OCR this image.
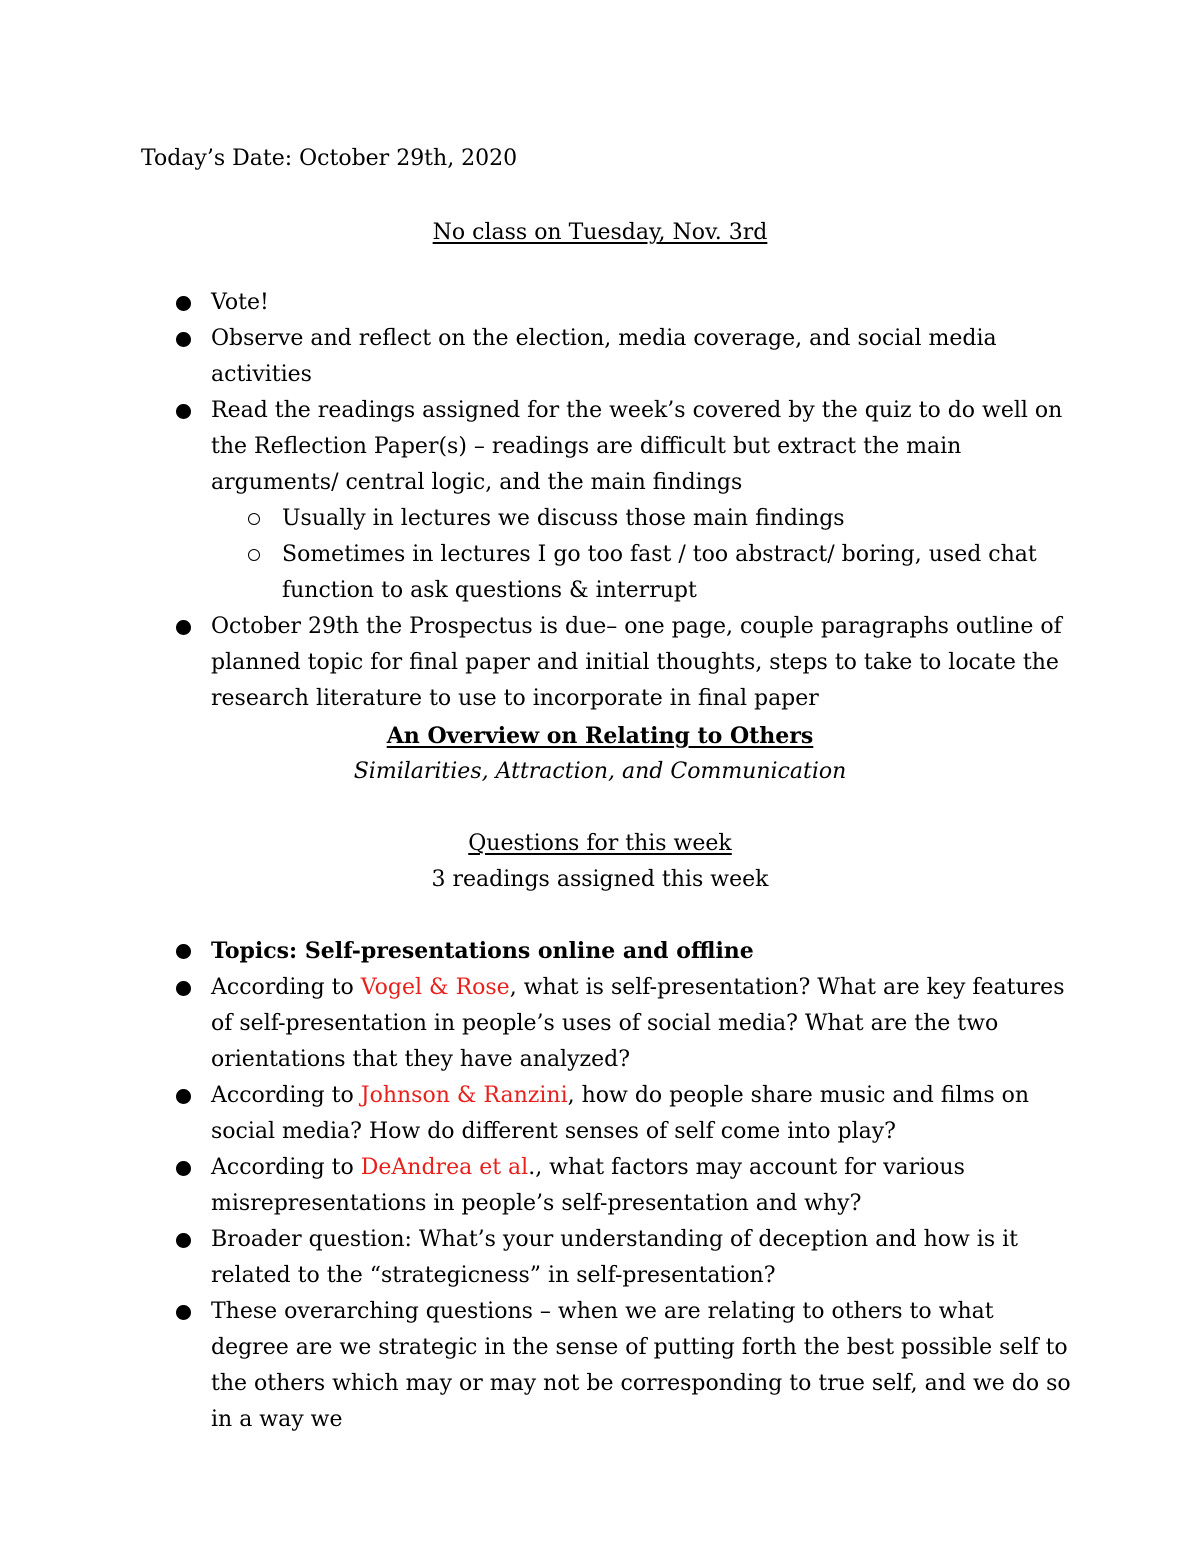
Today’s Date: October 29th, 2020
No class on Tuesday, Nov. 3rd
Vote!
Observe and reflect on the election, media coverage, and social media activities
Read the readings assigned for the week’s covered by the quiz to do well on the Reflection Paper(s) – readings are difficult but extract the main arguments/ central logic, and the main findings
Usually in lectures we discuss those main findings
Sometimes in lectures I go too fast / too abstract/ boring, used chat function to ask questions & interrupt
October 29th the Prospectus is due– one page, couple paragraphs outline of planned topic for final paper and initial thoughts, steps to take to locate the research literature to use to incorporate in final paper
An Overview on Relating to Others
Similarities, Attraction, and Communication
Questions for this week
3 readings assigned this week
Topics: Self-presentations online and offline
According to Vogel & Rose, what is self-presentation? What are key features of self-presentation in people’s uses of social media? What are the two orientations that they have analyzed?
According to Johnson & Ranzini, how do people share music and films on social media? How do different senses of self come into play?
According to DeAndrea et al., what factors may account for various misrepresentations in people’s self-presentation and why?
Broader question: What’s your understanding of deception and how is it related to the “strategicness” in self-presentation?
These overarching questions – when we are relating to others to what degree are we strategic in the sense of putting forth the best possible self to the others which may or may not be corresponding to true self, and we do so in a way we
